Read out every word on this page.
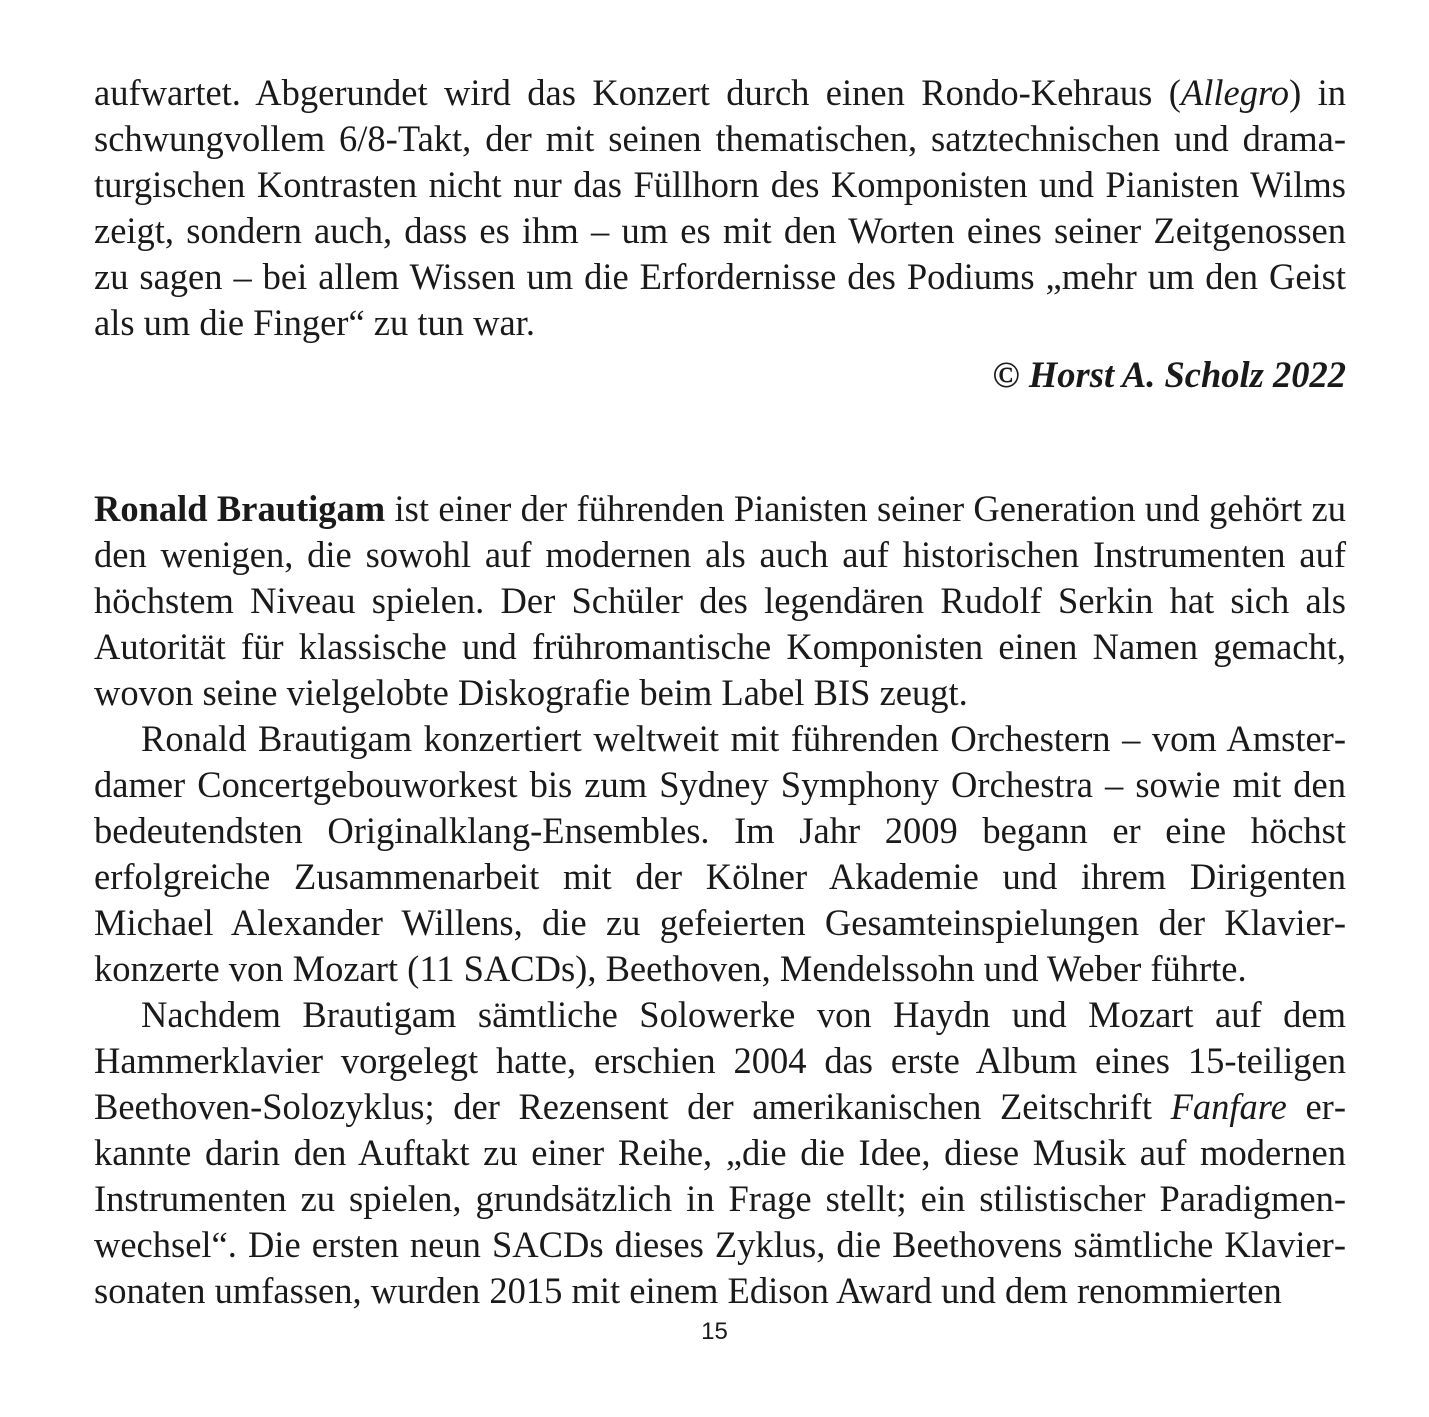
aufwartet. Abgerundet wird das Konzert durch einen Rondo-Kehraus (Allegro) in schwungvollem 6/8-Takt, der mit seinen thematischen, satztechnischen und dramaturgischen Kontrasten nicht nur das Füllhorn des Komponisten und Pianisten Wilms zeigt, sondern auch, dass es ihm – um es mit den Worten eines seiner Zeitgenossen zu sagen – bei allem Wissen um die Erfordernisse des Podiums „mehr um den Geist als um die Finger“ zu tun war.

© Horst A. Scholz 2022

Ronald Brautigam ist einer der führenden Pianisten seiner Generation und gehört zu den wenigen, die sowohl auf modernen als auch auf historischen Instrumenten auf höchstem Niveau spielen. Der Schüler des legendären Rudolf Serkin hat sich als Autorität für klassische und frühromantische Komponisten einen Namen gemacht, wovon seine vielgelobte Diskografie beim Label BIS zeugt.

Ronald Brautigam konzertiert weltweit mit führenden Orchestern – vom Amsterdamer Concertgebouworkest bis zum Sydney Symphony Orchestra – sowie mit den bedeutendsten Originalklang-Ensembles. Im Jahr 2009 begann er eine höchst erfolgreiche Zusammenarbeit mit der Kölner Akademie und ihrem Dirigenten Michael Alexander Willens, die zu gefeierten Gesamteinspielungen der Klavierkonzerte von Mozart (11 SACDs), Beethoven, Mendelssohn und Weber führte.

Nachdem Brautigam sämtliche Solowerke von Haydn und Mozart auf dem Hammerklavier vorgelegt hatte, erschien 2004 das erste Album eines 15-teiligen Beethoven-Solozyklus; der Rezensent der amerikanischen Zeitschrift Fanfare erkannte darin den Auftakt zu einer Reihe, „die die Idee, diese Musik auf modernen Instrumenten zu spielen, grundsätzlich in Frage stellt; ein stilistischer Paradigmenwechsel“. Die ersten neun SACDs dieses Zyklus, die Beethovens sämtliche Klaviersonaten umfassen, wurden 2015 mit einem Edison Award und dem renommierten

15
